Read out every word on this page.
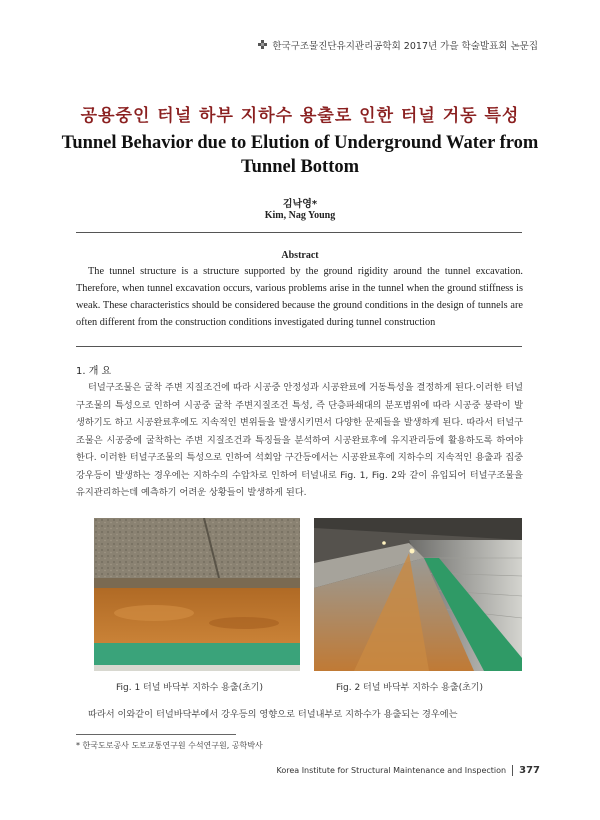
한국구조물진단유지관리공학회 2017년 가을 학술발표회 논문집
공용중인 터널 하부 지하수 용출로 인한 터널 거동 특성
Tunnel Behavior due to Elution of Underground Water from Tunnel Bottom
김낙영*
Kim, Nag Young
Abstract
The tunnel structure is a structure supported by the ground rigidity around the tunnel excavation. Therefore, when tunnel excavation occurs, various problems arise in the tunnel when the ground stiffness is weak. These characteristics should be considered because the ground conditions in the design of tunnels are often different from the construction conditions investigated during tunnel construction
1. 개 요
터널구조물은 굴착 주변 지질조건에 따라 시공중 안정성과 시공완료에 거동특성을 결정하게 된다.이러한 터널구조물의 특성으로 인하여 시공중 굴착 주변지질조건 특성, 즉 단층파쇄대의 분포범위에 따라 시공중 붕락이 발생하기도 하고 시공완료후에도 지속적인 변위들을 발생시키면서 다양한 문제들을 발생하게 된다. 따라서 터널구조물은 시공중에 굴착하는 주변 지질조건과 특징들을 분석하여 시공완료후에 유지관리등에 활용하도록 하여야 한다. 이러한 터널구조물의 특성으로 인하여 석회암 구간등에서는 시공완료후에 지하수의 지속적인 용출과 집중강우등이 발생하는 경우에는 지하수의 수압차로 인하여 터널내로 Fig. 1, Fig. 2와 같이 유입되어 터널구조물을 유지관리하는데 예측하기 어려운 상황들이 발생하게 된다.
Fig. 1 터널 바닥부 지하수 용출(초기)	Fig. 2 터널 바닥부 지하수 용출(초기)
따라서 이와같이 터널바닥부에서 강우등의 영향으로 터널내부로 지하수가 용출되는 경우에는
* 한국도로공사 도로교통연구원 수석연구원, 공학박사
Korea Institute for Structural Maintenance and Inspection	377
